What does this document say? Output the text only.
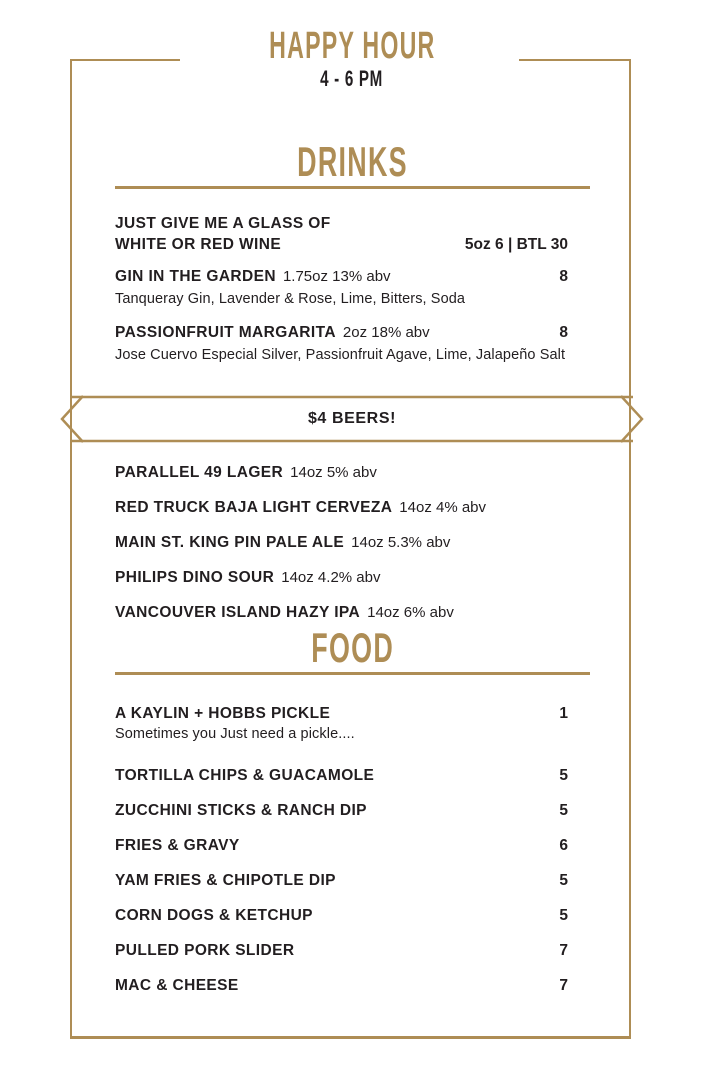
HAPPY HOUR
4 - 6 PM
DRINKS
JUST GIVE ME A GLASS OF
WHITE OR RED WINE	5oz 6 | BTL 30
GIN IN THE GARDEN 1.75oz 13% abv	8
Tanqueray Gin, Lavender & Rose, Lime, Bitters, Soda
PASSIONFRUIT MARGARITA 2oz 18% abv	8
Jose Cuervo Especial Silver, Passionfruit Agave, Lime, Jalapeño Salt
$4 BEERS!
PARALLEL 49 LAGER 14oz 5% abv
RED TRUCK BAJA LIGHT CERVEZA 14oz 4% abv
MAIN ST. KING PIN PALE ALE 14oz 5.3% abv
PHILIPS DINO SOUR 14oz 4.2% abv
VANCOUVER ISLAND HAZY IPA 14oz 6% abv
FOOD
A KAYLIN + HOBBS PICKLE	1
Sometimes you Just need a pickle....
TORTILLA CHIPS & GUACAMOLE	5
ZUCCHINI STICKS & RANCH DIP	5
FRIES & GRAVY	6
YAM FRIES & CHIPOTLE DIP	5
CORN DOGS & KETCHUP	5
PULLED PORK SLIDER	7
MAC & CHEESE	7
